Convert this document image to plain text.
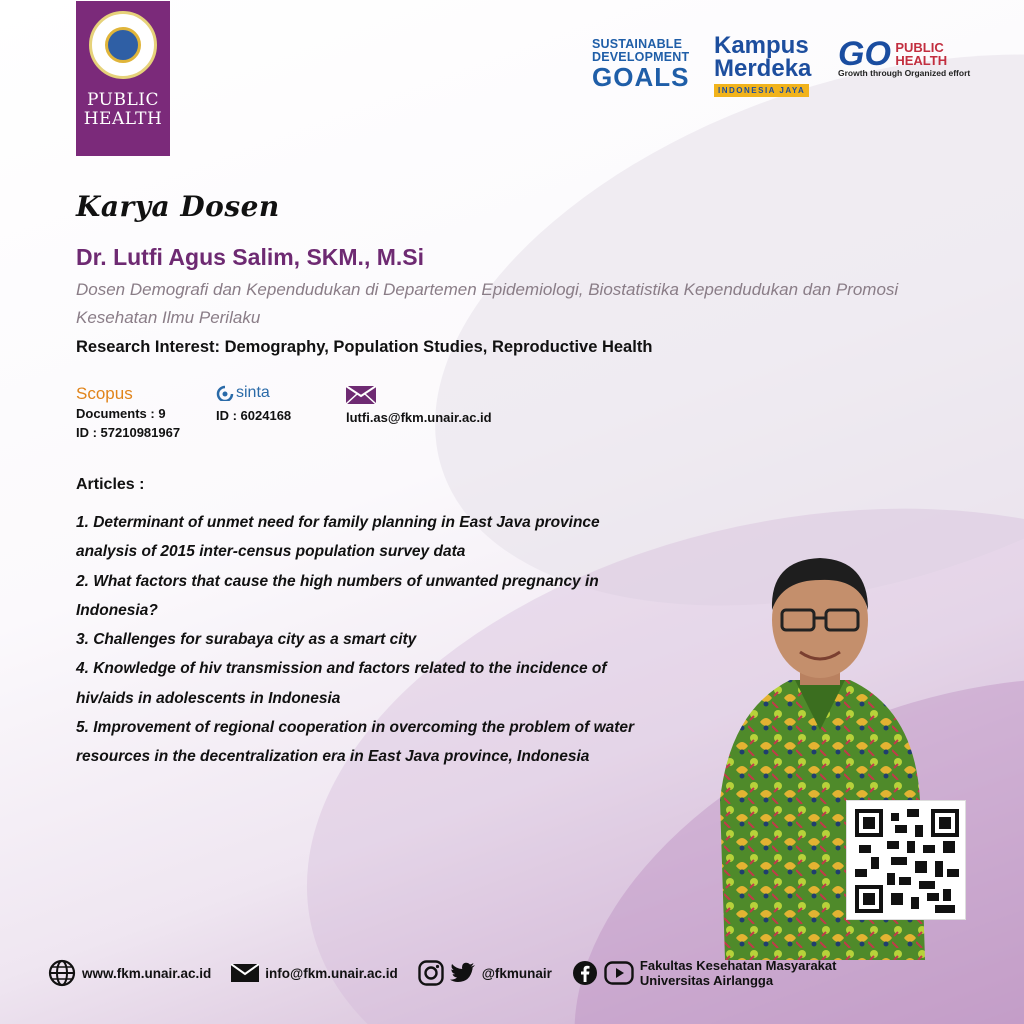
PUBLIC
HEALTH
SUSTAINABLE
DEVELOPMENT
GOALS
Kampus
Merdeka
INDONESIA JAYA
GO PUBLIC
HEALTH
Growth through Organized effort
Karya Dosen
Dr. Lutfi Agus Salim, SKM., M.Si
Dosen Demografi dan Kependudukan di Departemen Epidemiologi, Biostatistika Kependudukan dan Promosi Kesehatan Ilmu Perilaku
Research Interest: Demography, Population Studies, Reproductive Health
Scopus
Documents : 9
ID : 57210981967
sinta
ID : 6024168	lutfi.as@fkm.unair.ac.id
Articles :
1. Determinant of unmet need for family planning in East Java province analysis of 2015 inter-census population survey data
2. What factors that cause the high numbers of unwanted pregnancy in Indonesia?
3. Challenges for surabaya city as a smart city
4. Knowledge of hiv transmission and factors related to the incidence of hiv/aids in adolescents in Indonesia
5. Improvement of regional cooperation in overcoming the problem of water resources in the decentralization era in East Java province, Indonesia
www.fkm.unair.ac.id	info@fkm.unair.ac.id	@fkmunair	Fakultas Kesehatan Masyarakat
Universitas Airlangga
